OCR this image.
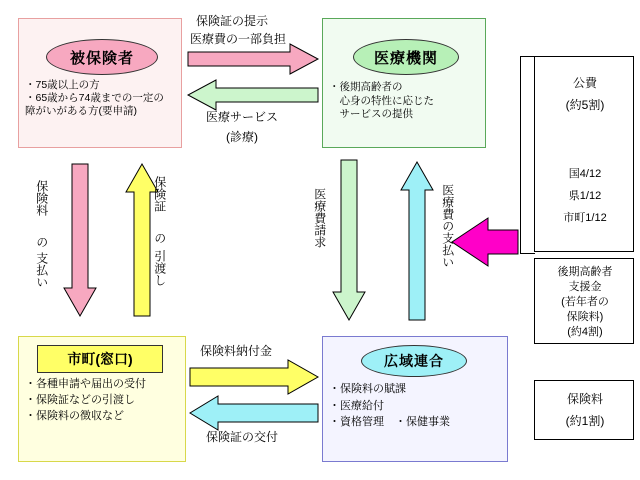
被保険者
・75歳以上の方
・65歳から74歳までの一定の
障がいがある方(要申請)
医療機関
・後期高齢者の
　心身の特性に応じた
　サービスの提供
市町(窓口)
・各種申請や届出の受付
・保険証などの引渡し
・保険料の徴収など
広域連合
・保険料の賦課
・医療給付
・資格管理　・保健事業
公費
(約5割)
国4/12
県1/12
市町1/12
後期高齢者
支援金
(若年者の
保険料)
(約4割)
保険料
(約1割)
保険証の提示
医療費の一部負担
医療サービス
(診療)
保険料
の
支払い
保険証
の
引渡し
医療費請求	医療費の支払い
保険料納付金
保険証の交付
